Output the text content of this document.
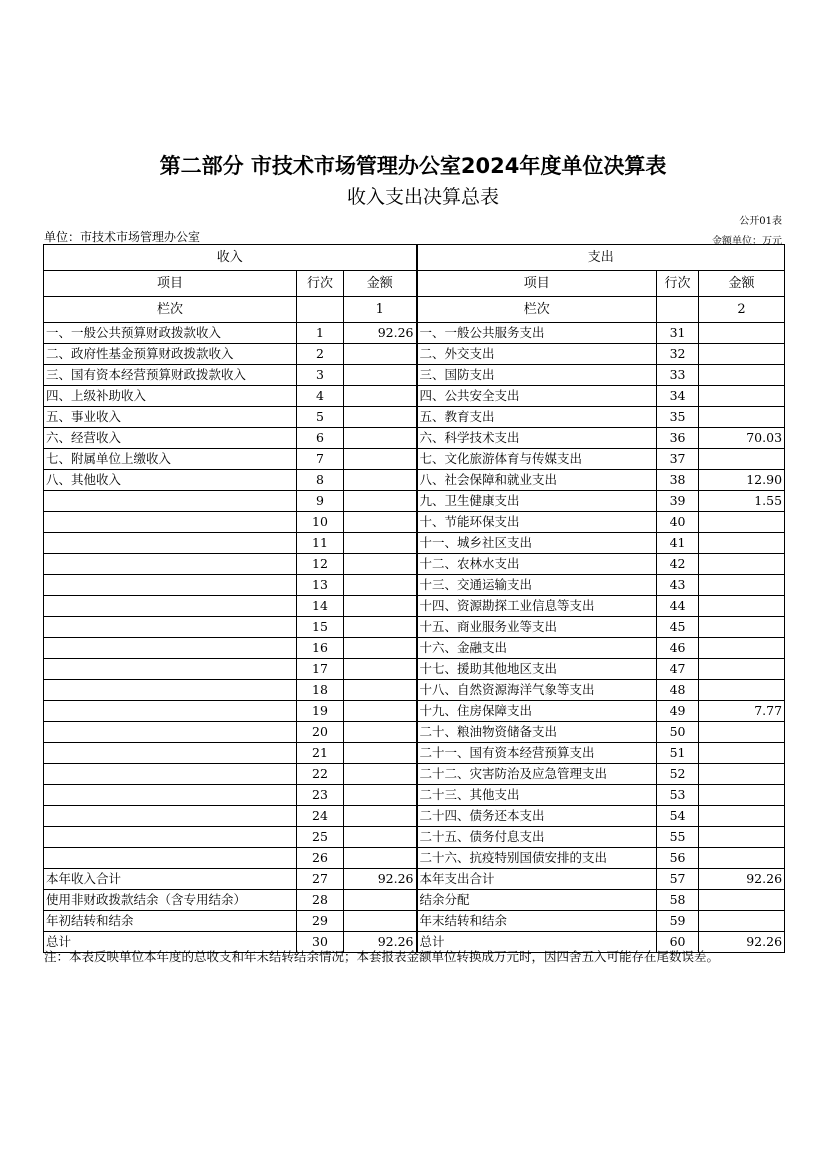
第二部分 市技术市场管理办公室2024年度单位决算表
收入支出决算总表
公开01表
单位：市技术市场管理办公室	金额单位：万元
收入			支出		
项目	行次	金额	项目	行次	金额
栏次		1	栏次		2
一、一般公共预算财政拨款收入	1	92.26	一、一般公共服务支出	31	
二、政府性基金预算财政拨款收入	2		二、外交支出	32	
三、国有资本经营预算财政拨款收入	3		三、国防支出	33	
四、上级补助收入	4		四、公共安全支出	34	
五、事业收入	5		五、教育支出	35	
六、经营收入	6		六、科学技术支出	36	70.03
七、附属单位上缴收入	7		七、文化旅游体育与传媒支出	37	
八、其他收入	8		八、社会保障和就业支出	38	12.90
	9		九、卫生健康支出	39	1.55
	10		十、节能环保支出	40	
	11		十一、城乡社区支出	41	
	12		十二、农林水支出	42	
	13		十三、交通运输支出	43	
	14		十四、资源勘探工业信息等支出	44	
	15		十五、商业服务业等支出	45	
	16		十六、金融支出	46	
	17		十七、援助其他地区支出	47	
	18		十八、自然资源海洋气象等支出	48	
	19		十九、住房保障支出	49	7.77
	20		二十、粮油物资储备支出	50	
	21		二十一、国有资本经营预算支出	51	
	22		二十二、灾害防治及应急管理支出	52	
	23		二十三、其他支出	53	
	24		二十四、债务还本支出	54	
	25		二十五、债务付息支出	55	
	26		二十六、抗疫特别国债安排的支出	56	
本年收入合计	27	92.26	本年支出合计	57	92.26
使用非财政拨款结余（含专用结余）	28		结余分配	58	
年初结转和结余	29		年末结转和结余	59	
总计	30	92.26	总计	60	92.26
注：本表反映单位本年度的总收支和年末结转结余情况；本套报表金额单位转换成万元时，因四舍五入可能存在尾数误差。
